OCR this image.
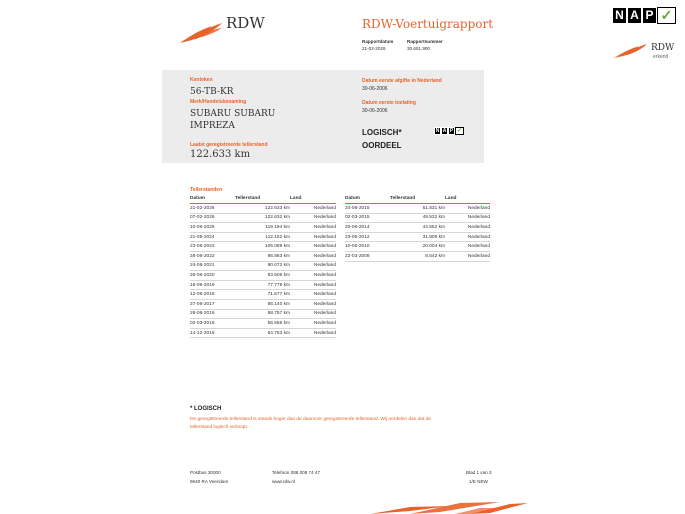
RDW	RDW-Voertuigrapport
Rapportdatum	Rapportnummer
21-02-2026	30.651.900
N A P ✓
RDW
erkend
Kenteken
56-TB-KR
Merk/Handelsbenaming
SUBARU SUBARU
IMPREZA
Laatst geregistreerde tellerstand
122.633 km
Datum eerste afgifte in Nederland
30-06-2006
Datum eerste toelating
30-06-2006
LOGISCH*
OORDEEL
N A P ✓
Tellerstanden
Datum	Tellerstand	Land
21-02-2026	122.633 km	Nederland
07-02-2026	122.632 km	Nederland
10-06-2025	119.194 km	Nederland
21-05-2024	112.152 km	Nederland
23-06-2023	105.089 km	Nederland
28-06-2022	96.883 km	Nederland
24-06-2021	90.073 km	Nederland
26-06-2020	83.506 km	Nederland
18-06-2019	77.778 km	Nederland
12-06-2018	71.577 km	Nederland
27-06-2017	65.140 km	Nederland
28-06-2016	58.757 km	Nederland
02-03-2016	56.556 km	Nederland
14-12-2015	54.753 km	Nederland
Datum	Tellerstand	Land
24-06-2015	51.831 km	Nederland
02-03-2015	49.532 km	Nederland
20-06-2014	44.552 km	Nederland
23-05-2012	31.905 km	Nederland
10-05-2010	20.004 km	Nederland
22-03-2008	8.542 km	Nederland
* LOGISCH
De geregistreerde tellerstand is steeds hoger dan de daarvoor geregistreerde tellerstand. Wij oordelen dan dat de
tellerstand logisch verloopt.
Postbus 30000
9640 RA Veendam
Telefoon 088 008 74 47
www.rdw.nl
Blad 1 van 3
1/E NEW
